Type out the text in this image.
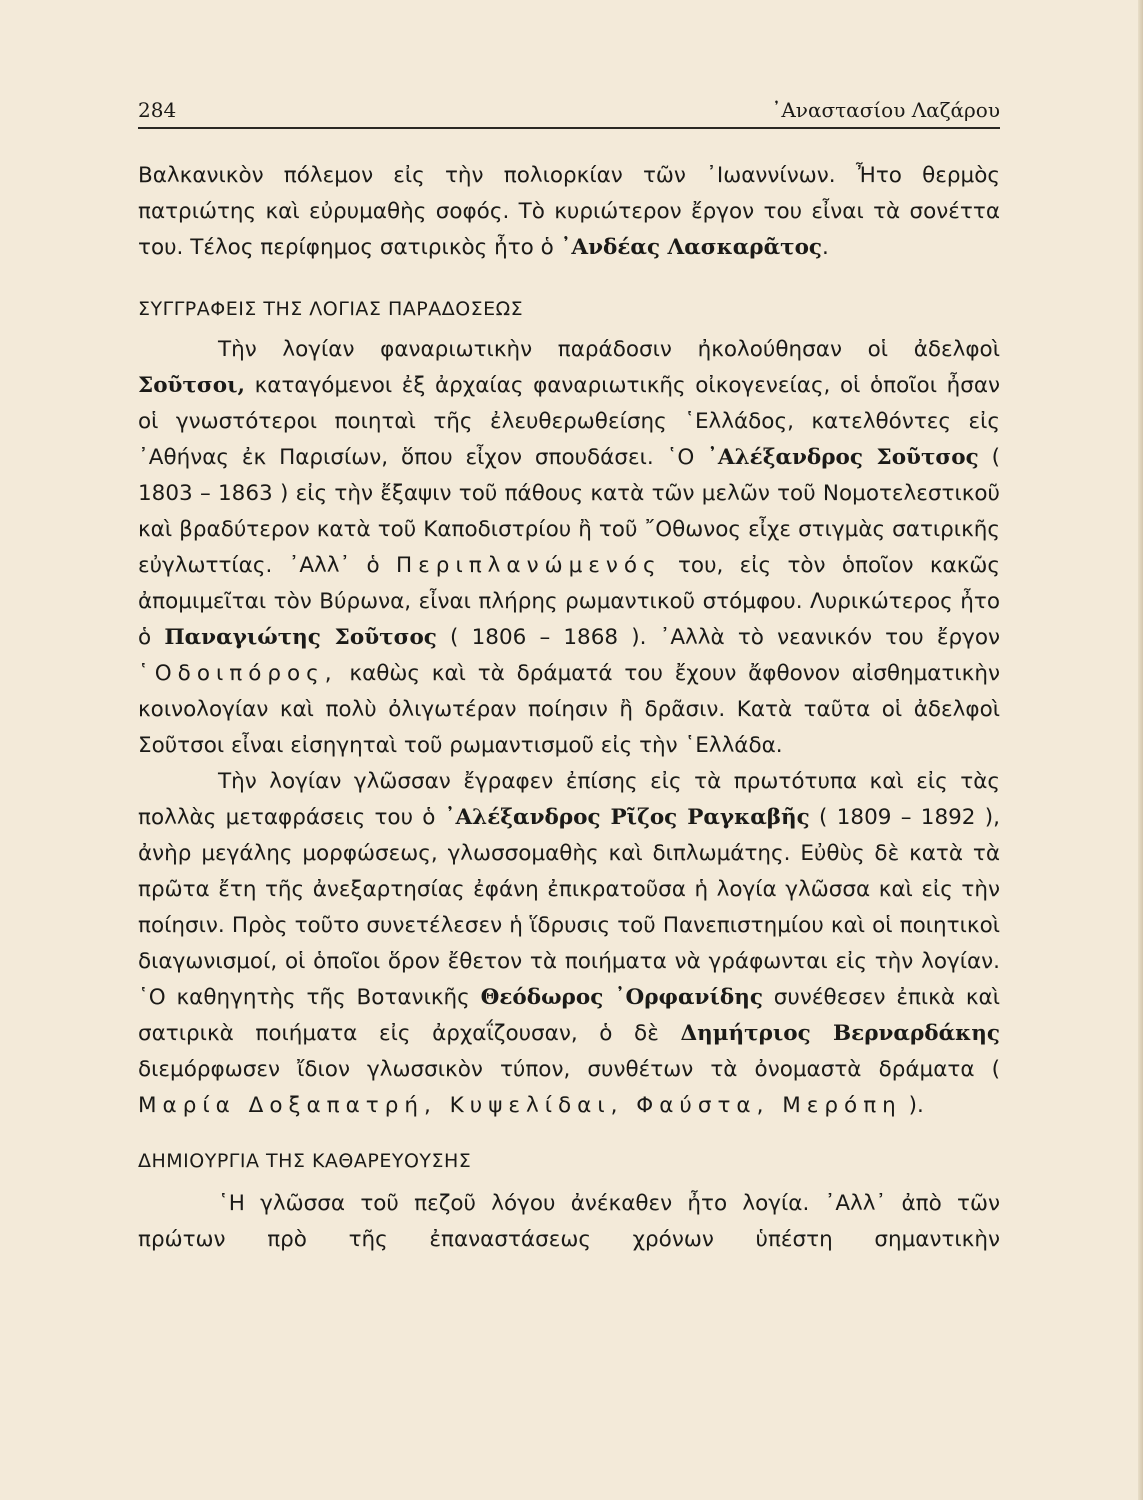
284	᾿Αναστασίου Λαζάρου

Βαλκανικὸν πόλεμον εἰς τὴν πολιορκίαν τῶν ᾿Ιωαννίνων. Ἦτο θερμὸς πατριώτης καὶ εὐρυμαθὴς σοφός. Τὸ κυριώτερον ἔργον του εἶναι τὰ σονέττα του. Τέλος περίφημος σατιρικὸς ἦτο ὁ ᾿Ανδέας Λασκαρᾶτος.

ΣΥΓΓΡΑΦΕΙΣ ΤΗΣ ΛΟΓΙΑΣ ΠΑΡΑΔΟΣΕΩΣ

Τὴν λογίαν φαναριωτικὴν παράδοσιν ἠκολούθησαν οἱ ἀδελφοὶ Σοῦτσοι, καταγόμενοι ἐξ ἀρχαίας φαναριωτικῆς οἰκογενείας, οἱ ὁποῖοι ἦσαν οἱ γνωστότεροι ποιηταὶ τῆς ἐλευθερωθείσης ῾Ελλάδος, κατελθόντες εἰς ᾿Αθήνας ἐκ Παρισίων, ὅπου εἶχον σπουδάσει. ῾Ο ᾿Αλέξανδρος Σοῦτσος ( 1803 – 1863 ) εἰς τὴν ἔξαψιν τοῦ πάθους κατὰ τῶν μελῶν τοῦ Νομοτελεστικοῦ καὶ βραδύτερον κατὰ τοῦ Καποδιστρίου ἢ τοῦ ῎Οθωνος εἶχε στιγμὰς σατιρικῆς εὐγλωττίας. ᾿Αλλ᾿ ὁ Περιπλανώμενός του, εἰς τὸν ὁποῖον κακῶς ἀπομιμεῖται τὸν Βύρωνα, εἶναι πλήρης ρωμαντικοῦ στόμφου. Λυρικώτερος ἦτο ὁ Παναγιώτης Σοῦτσος ( 1806 – 1868 ). ᾿Αλλὰ τὸ νεανικόν του ἔργον ῾Οδοιπόρος, καθὼς καὶ τὰ δράματά του ἔχουν ἄφθονον αἰσθηματικὴν κοινολογίαν καὶ πολὺ ὀλιγωτέραν ποίησιν ἢ δρᾶσιν. Κατὰ ταῦτα οἱ ἀδελφοὶ Σοῦτσοι εἶναι εἰσηγηταὶ τοῦ ρωμαντισμοῦ εἰς τὴν ῾Ελλάδα.

Τὴν λογίαν γλῶσσαν ἔγραφεν ἐπίσης εἰς τὰ πρωτότυπα καὶ εἰς τὰς πολλὰς μεταφράσεις του ὁ ᾿Αλέξανδρος Ρῖζος Ραγκαβῆς ( 1809 – 1892 ), ἀνὴρ μεγάλης μορφώσεως, γλωσσομαθὴς καὶ διπλωμάτης. Εὐθὺς δὲ κατὰ τὰ πρῶτα ἔτη τῆς ἀνεξαρτησίας ἐφάνη ἐπικρατοῦσα ἡ λογία γλῶσσα καὶ εἰς τὴν ποίησιν. Πρὸς τοῦτο συνετέλεσεν ἡ ἵδρυσις τοῦ Πανεπιστημίου καὶ οἱ ποιητικοὶ διαγωνισμοί, οἱ ὁποῖοι ὅρον ἔθετον τὰ ποιήματα νὰ γράφωνται εἰς τὴν λογίαν. ῾Ο καθηγητὴς τῆς Βοτανικῆς Θεόδωρος ᾿Ορφανίδης συνέθεσεν ἐπικὰ καὶ σατιρικὰ ποιήματα εἰς ἀρχαΐζουσαν, ὁ δὲ Δημήτριος Βερναρδάκης διεμόρφωσεν ἴδιον γλωσσικὸν τύπον, συνθέτων τὰ ὀνομαστὰ δράματα ( Μαρία Δοξαπατρή, Κυψελίδαι, Φαύστα, Μερόπη ).

ΔΗΜΙΟΥΡΓΙΑ ΤΗΣ ΚΑΘΑΡΕΥΟΥΣΗΣ

῾Η γλῶσσα τοῦ πεζοῦ λόγου ἀνέκαθεν ἦτο λογία. ᾿Αλλ᾿ ἀπὸ τῶν πρώτων πρὸ τῆς ἐπαναστάσεως χρόνων ὑπέστη σημαντικὴν
